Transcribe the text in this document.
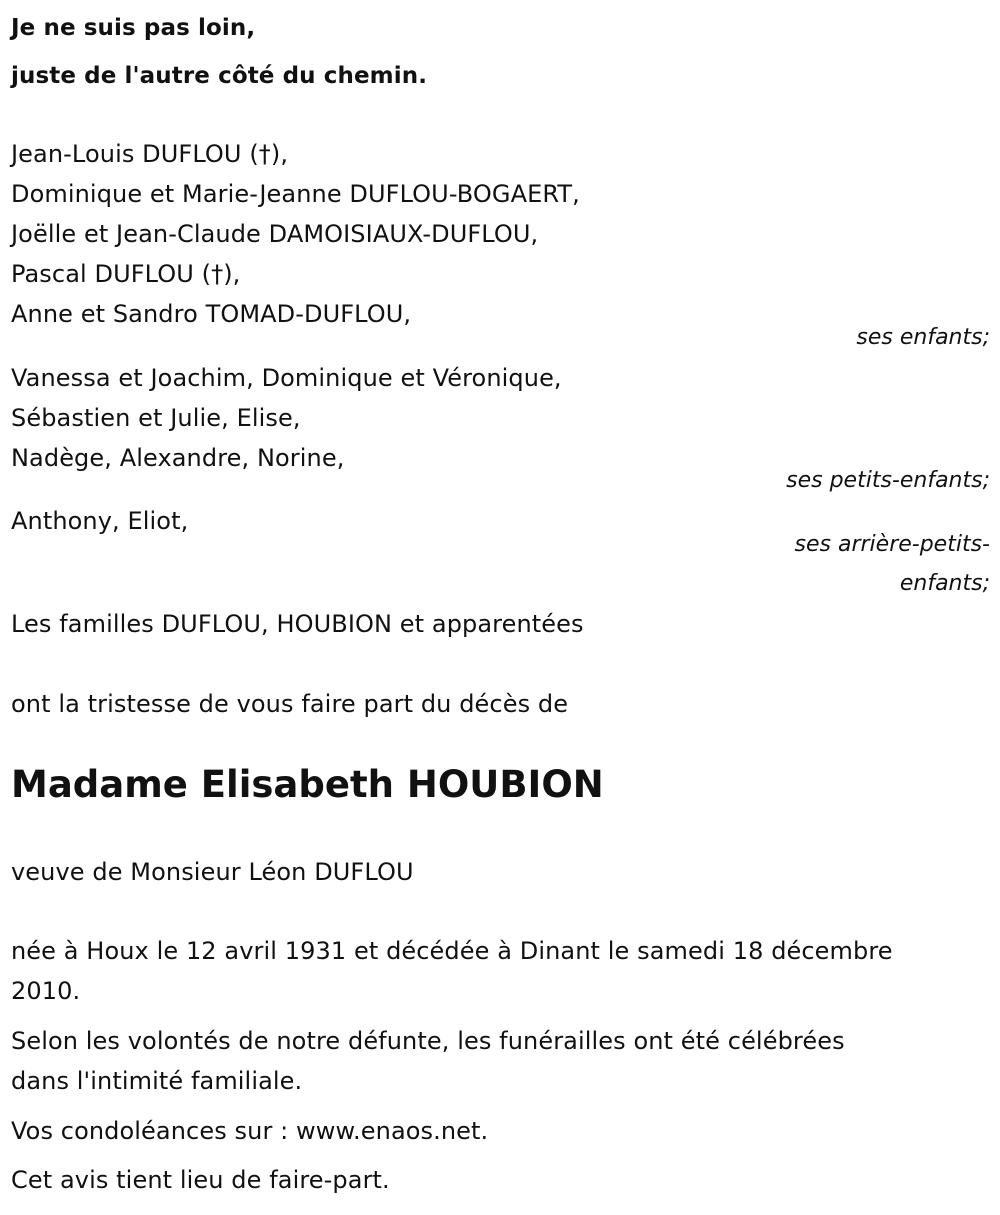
Je ne suis pas loin,
juste de l'autre côté du chemin.
Jean-Louis DUFLOU (†),
Dominique et Marie-Jeanne DUFLOU-BOGAERT,
Joëlle et Jean-Claude DAMOISIAUX-DUFLOU,
Pascal DUFLOU (†),
Anne et Sandro TOMAD-DUFLOU,
ses enfants;
Vanessa et Joachim, Dominique et Véronique,
Sébastien et Julie, Elise,
Nadège, Alexandre, Norine,
ses petits-enfants;
Anthony, Eliot,
ses arrière-petits-
enfants;
Les familles DUFLOU, HOUBION et apparentées
ont la tristesse de vous faire part du décès de
Madame Elisabeth HOUBION
veuve de Monsieur Léon DUFLOU
née à Houx le 12 avril 1931 et décédée à Dinant le samedi 18 décembre
2010.
Selon les volontés de notre défunte, les funérailles ont été célébrées
dans l'intimité familiale.
Vos condoléances sur : www.enaos.net.
Cet avis tient lieu de faire-part.
